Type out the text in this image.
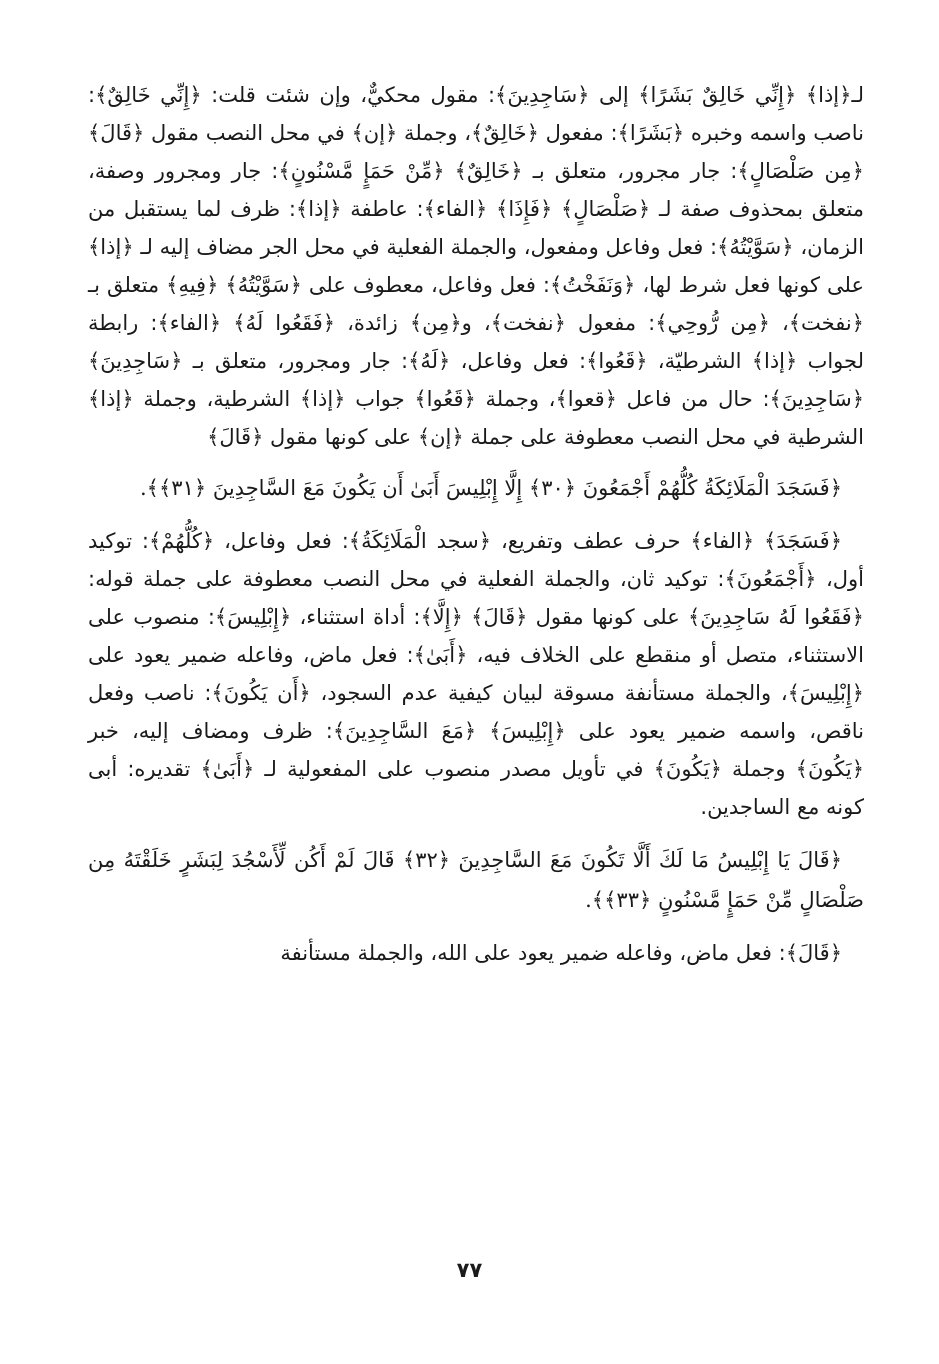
لـ﴿إذا﴾ ﴿إِنِّي خَالِقٌ بَشَرًا﴾ إلى ﴿سَاجِدِينَ﴾: مقول محكيٌّ، وإن شئت قلت: ﴿إِنِّي خَالِقٌ﴾: ناصب واسمه وخبره ﴿بَشَرًا﴾: مفعول ﴿خَالِقٌ﴾، وجملة ﴿إن﴾ في محل النصب مقول ﴿قَالَ﴾ ﴿مِن صَلْصَالٍ﴾: جار مجرور، متعلق بـ ﴿خَالِقٌ﴾ ﴿مِّنْ حَمَإٍ مَّسْنُونٍ﴾: جار ومجرور وصفة، متعلق بمحذوف صفة لـ ﴿صَلْصَالٍ﴾ ﴿فَإِذَا﴾ ﴿الفاء﴾: عاطفة ﴿إذا﴾: ظرف لما يستقبل من الزمان، ﴿سَوَّيْتُهُ﴾: فعل وفاعل ومفعول، والجملة الفعلية في محل الجر مضاف إليه لـ ﴿إذا﴾ على كونها فعل شرط لها، ﴿وَنَفَخْتُ﴾: فعل وفاعل، معطوف على ﴿سَوَّيْتُهُ﴾ ﴿فِيهِ﴾ متعلق بـ ﴿نفخت﴾، ﴿مِن رُّوحِي﴾: مفعول ﴿نفخت﴾، و﴿مِن﴾ زائدة، ﴿فَقَعُوا لَهُ﴾ ﴿الفاء﴾: رابطة لجواب ﴿إذا﴾ الشرطيّة، ﴿قَعُوا﴾: فعل وفاعل، ﴿لَهُ﴾: جار ومجرور، متعلق بـ ﴿سَاجِدِينَ﴾ ﴿سَاجِدِينَ﴾: حال من فاعل ﴿قعوا﴾، وجملة ﴿قَعُوا﴾ جواب ﴿إذا﴾ الشرطية، وجملة ﴿إذا﴾ الشرطية في محل النصب معطوفة على جملة ﴿إن﴾ على كونها مقول ﴿قَالَ﴾

﴿فَسَجَدَ الْمَلَائِكَةُ كُلُّهُمْ أَجْمَعُونَ ﴿٣٠﴾ إِلَّا إِبْلِيسَ أَبَىٰ أَن يَكُونَ مَعَ السَّاجِدِينَ ﴿٣١﴾﴾.

﴿فَسَجَدَ﴾ ﴿الفاء﴾ حرف عطف وتفريع، ﴿سجد الْمَلَائِكَةُ﴾: فعل وفاعل، ﴿كُلُّهُمْ﴾: توكيد أول، ﴿أَجْمَعُونَ﴾: توكيد ثان، والجملة الفعلية في محل النصب معطوفة على جملة قوله: ﴿فَقَعُوا لَهُ سَاجِدِينَ﴾ على كونها مقول ﴿قَالَ﴾ ﴿إِلَّا﴾: أداة استثناء، ﴿إِبْلِيسَ﴾: منصوب على الاستثناء، متصل أو منقطع على الخلاف فيه، ﴿أَبَىٰ﴾: فعل ماض، وفاعله ضمير يعود على ﴿إِبْلِيسَ﴾، والجملة مستأنفة مسوقة لبيان كيفية عدم السجود، ﴿أَن يَكُونَ﴾: ناصب وفعل ناقص، واسمه ضمير يعود على ﴿إِبْلِيسَ﴾ ﴿مَعَ السَّاجِدِينَ﴾: ظرف ومضاف إليه، خبر ﴿يَكُونَ﴾ وجملة ﴿يَكُونَ﴾ في تأويل مصدر منصوب على المفعولية لـ ﴿أَبَىٰ﴾ تقديره: أبى كونه مع الساجدين.

﴿قَالَ يَا إِبْلِيسُ مَا لَكَ أَلَّا تَكُونَ مَعَ السَّاجِدِينَ ﴿٣٢﴾ قَالَ لَمْ أَكُن لِّأَسْجُدَ لِبَشَرٍ خَلَقْتَهُ مِن صَلْصَالٍ مِّنْ حَمَإٍ مَّسْنُونٍ ﴿٣٣﴾﴾.

﴿قَالَ﴾: فعل ماض، وفاعله ضمير يعود على الله، والجملة مستأنفة

٧٧
